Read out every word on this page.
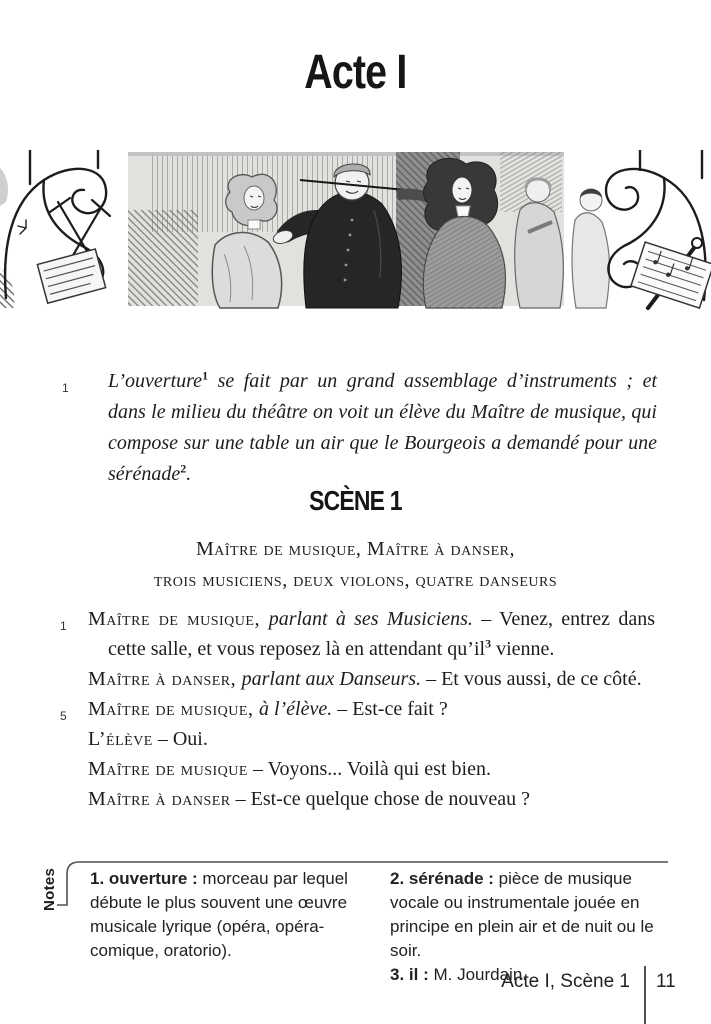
Acte I
1 L’ouverture$^1$ se fait par un grand assemblage d’instruments ; et dans le milieu du théâtre on voit un élève du Maître de musique, qui compose sur une table un air que le Bourgeois a demandé pour une sérénade$^2$.
SCÈNE 1
Maître de musique, Maître à danser,
trois musiciens, deux violons, quatre danseurs

1 Maître de musique, parlant à ses Musiciens. – Venez, entrez dans cette salle, et vous reposez là en attendant qu’il$^3$ vienne.

Maître à danser, parlant aux Danseurs. – Et vous aussi, de ce côté.

5 Maître de musique, à l’élève. – Est-ce fait ?

L’élève – Oui.

Maître de musique – Voyons... Voilà qui est bien.

Maître à danser – Est-ce quelque chose de nouveau ?

Notes 1. ouverture : morceau par lequel débute le plus souvent une œuvre musicale lyrique (opéra, opéra-comique, oratorio).
2. sérénade : pièce de musique vocale ou instrumentale jouée en principe en plein air et de nuit ou le soir.
3. il : M. Jourdain.
Acte I, Scène 1 11
